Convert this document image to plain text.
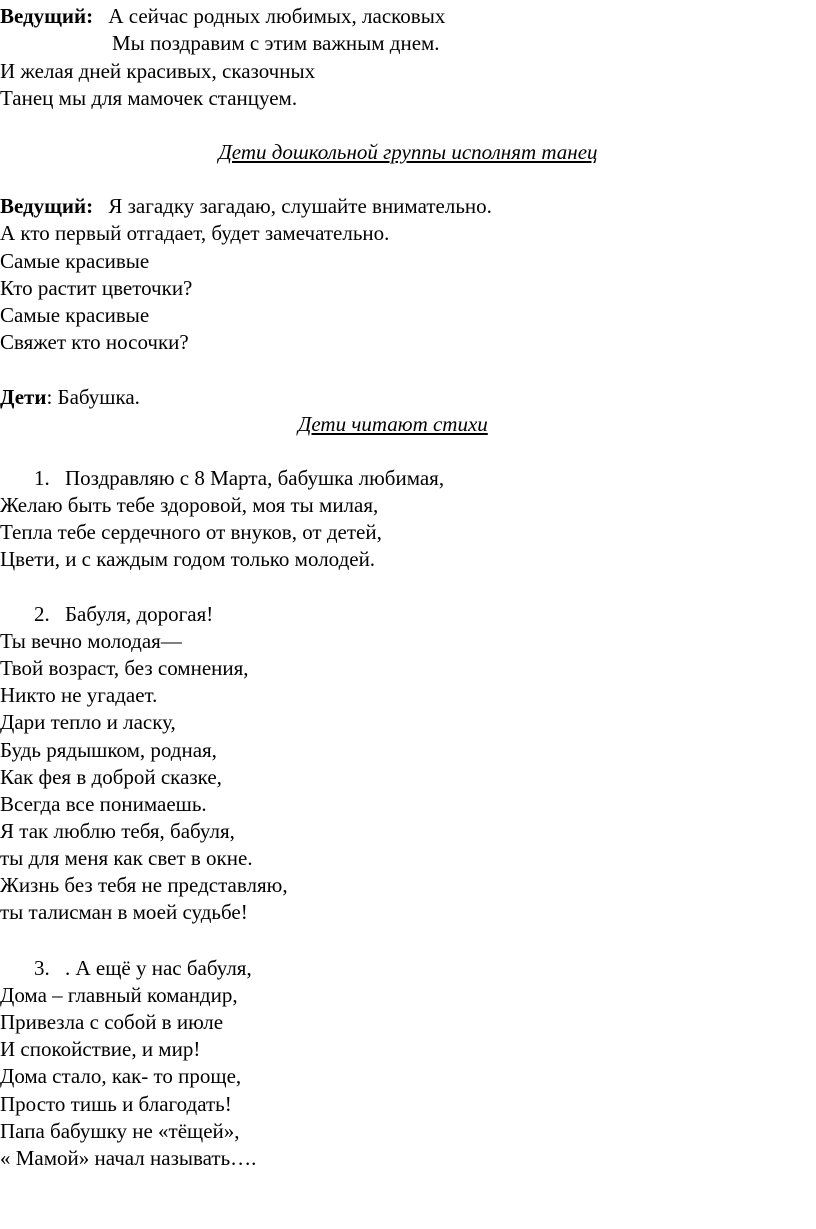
Ведущий: А сейчас родных любимых, ласковых
Мы поздравим с этим важным днем.
И желая дней красивых, сказочных
Танец мы для мамочек станцуем.
Дети дошкольной группы исполнят танец
Ведущий: Я загадку загадаю, слушайте внимательно.
А кто первый отгадает, будет замечательно.
Самые красивые
Кто растит цветочки?
Самые красивые
Свяжет кто носочки?
Дети: Бабушка.
Дети читают стихи
1. Поздравляю с 8 Марта, бабушка любимая,
Желаю быть тебе здоровой, моя ты милая,
Тепла тебе сердечного от внуков, от детей,
Цвети, и с каждым годом только молодей.
2. Бабуля, дорогая!
Ты вечно молодая—
Твой возраст, без сомнения,
Никто не угадает.
Дари тепло и ласку,
Будь рядышком, родная,
Как фея в доброй сказке,
Всегда все понимаешь.
Я так люблю тебя, бабуля,
ты для меня как свет в окне.
Жизнь без тебя не представляю,
ты талисман в моей судьбе!
3. . А ещё у нас бабуля,
Дома – главный командир,
Привезла с собой в июле
И спокойствие, и мир!
Дома стало, как- то проще,
Просто тишь и благодать!
Папа бабушку не «тёщей»,
« Мамой» начал называть….
